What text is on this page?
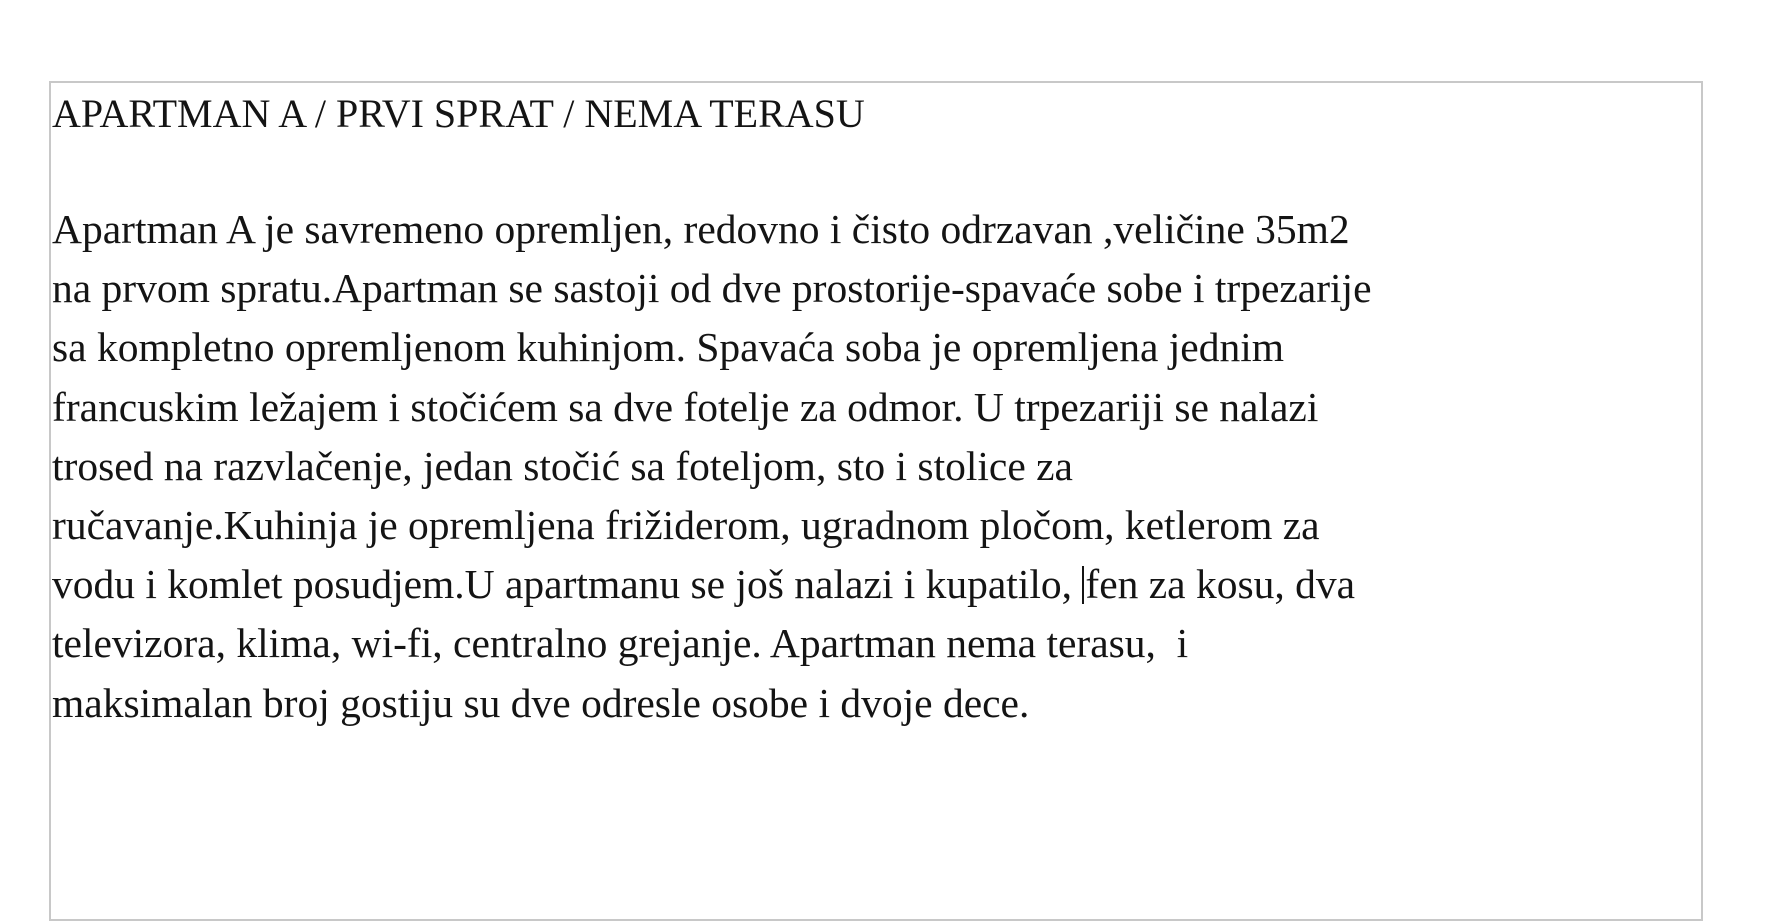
APARTMAN A / PRVI SPRAT / NEMA TERASU

Apartman A je savremeno opremljen, redovno i čisto odrzavan ,veličine 35m2
na prvom spratu.Apartman se sastoji od dve prostorije-spavaće sobe i trpezarije
sa kompletno opremljenom kuhinjom. Spavaća soba je opremljena jednim
francuskim ležajem i stočićem sa dve fotelje za odmor. U trpezariji se nalazi
trosed na razvlačenje, jedan stočić sa foteljom, sto i stolice za
ručavanje.Kuhinja je opremljena frižiderom, ugradnom pločom, ketlerom za
vodu i komlet posudjem.U apartmanu se još nalazi i kupatilo, fen za kosu, dva
televizora, klima, wi-fi, centralno grejanje. Apartman nema terasu,  i
maksimalan broj gostiju su dve odresle osobe i dvoje dece.
